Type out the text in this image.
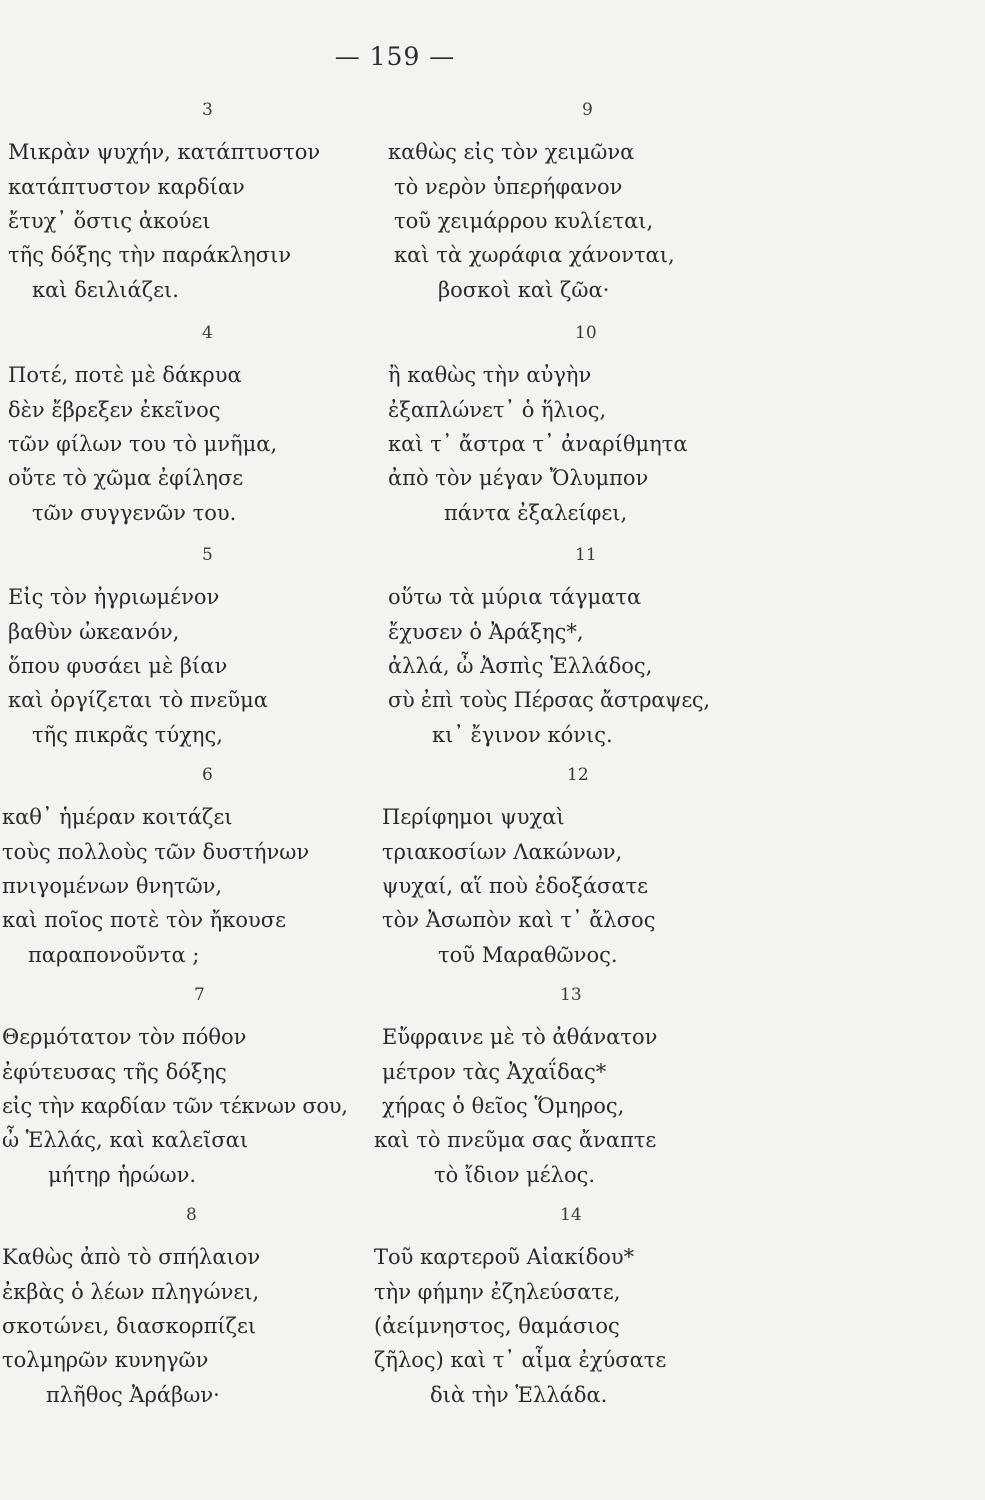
— 159 —
3
Μικρὰν ψυχήν, κατάπτυστον
κατάπτυστον καρδίαν
ἔτυχ᾽ ὅστις ἀκούει
τῆς δόξης τὴν παράκλησιν
καὶ δειλιάζει.
4
Ποτέ, ποτὲ μὲ δάκρυα
δὲν ἔβρεξεν ἐκεῖνος
τῶν φίλων του τὸ μνῆμα,
οὔτε τὸ χῶμα ἐφίλησε
τῶν συγγενῶν του.
5
Εἰς τὸν ἠγριωμένον
βαθὺν ὠκεανόν,
ὅπου φυσάει μὲ βίαν
καὶ ὀργίζεται τὸ πνεῦμα
τῆς πικρᾶς τύχης,
6
καθ᾽ ἡμέραν κοιτάζει
τοὺς πολλοὺς τῶν δυστήνων
πνιγομένων θνητῶν,
καὶ ποῖος ποτὲ τὸν ἤκουσε
παραπονοῦντα ;
7
Θερμότατον τὸν πόθον
ἐφύτευσας τῆς δόξης
εἰς τὴν καρδίαν τῶν τέκνων σου,
ὦ Ἑλλάς, καὶ καλεῖσαι
μήτηρ ἡρώων.
8
Καθὼς ἀπὸ τὸ σπήλαιον
ἐκβὰς ὁ λέων πληγώνει,
σκοτώνει, διασκορπίζει
τολμηρῶν κυνηγῶν
πλῆθος Ἀράβων·
9
καθὼς εἰς τὸν χειμῶνα
τὸ νερὸν ὑπερήφανον
τοῦ χειμάρρου κυλίεται,
καὶ τὰ χωράφια χάνονται,
βοσκοὶ καὶ ζῶα·
10
ἢ καθὼς τὴν αὐγὴν
ἐξαπλώνετ᾽ ὁ ἥλιος,
καὶ τ᾽ ἄστρα τ᾽ ἀναρίθμητα
ἀπὸ τὸν μέγαν Ὄλυμπον
πάντα ἐξαλείφει,
11
οὕτω τὰ μύρια τάγματα
ἔχυσεν ὁ Ἀράξης*,
ἀλλά, ὦ Ἀσπὶς Ἑλλάδος,
σὺ ἐπὶ τοὺς Πέρσας ἄστραψες,
κι᾽ ἔγινον κόνις.
12
Περίφημοι ψυχαὶ
τριακοσίων Λακώνων,
ψυχαί, αἵ ποὺ ἐδοξάσατε
τὸν Ἀσωπὸν καὶ τ᾽ ἄλσος
τοῦ Μαραθῶνος.
13
Εὔφραινε μὲ τὸ ἀθάνατον
μέτρον τὰς Ἀχαΐδας*
χήρας ὁ θεῖος Ὅμηρος,
καὶ τὸ πνεῦμα σας ἄναπτε
τὸ ἴδιον μέλος.
14
Τοῦ καρτεροῦ Αἰακίδου*
τὴν φήμην ἐζηλεύσατε,
(ἀείμνηστος, θαμάσιος
ζῆλος) καὶ τ᾽ αἷμα ἐχύσατε
διὰ τὴν Ἑλλάδα.
